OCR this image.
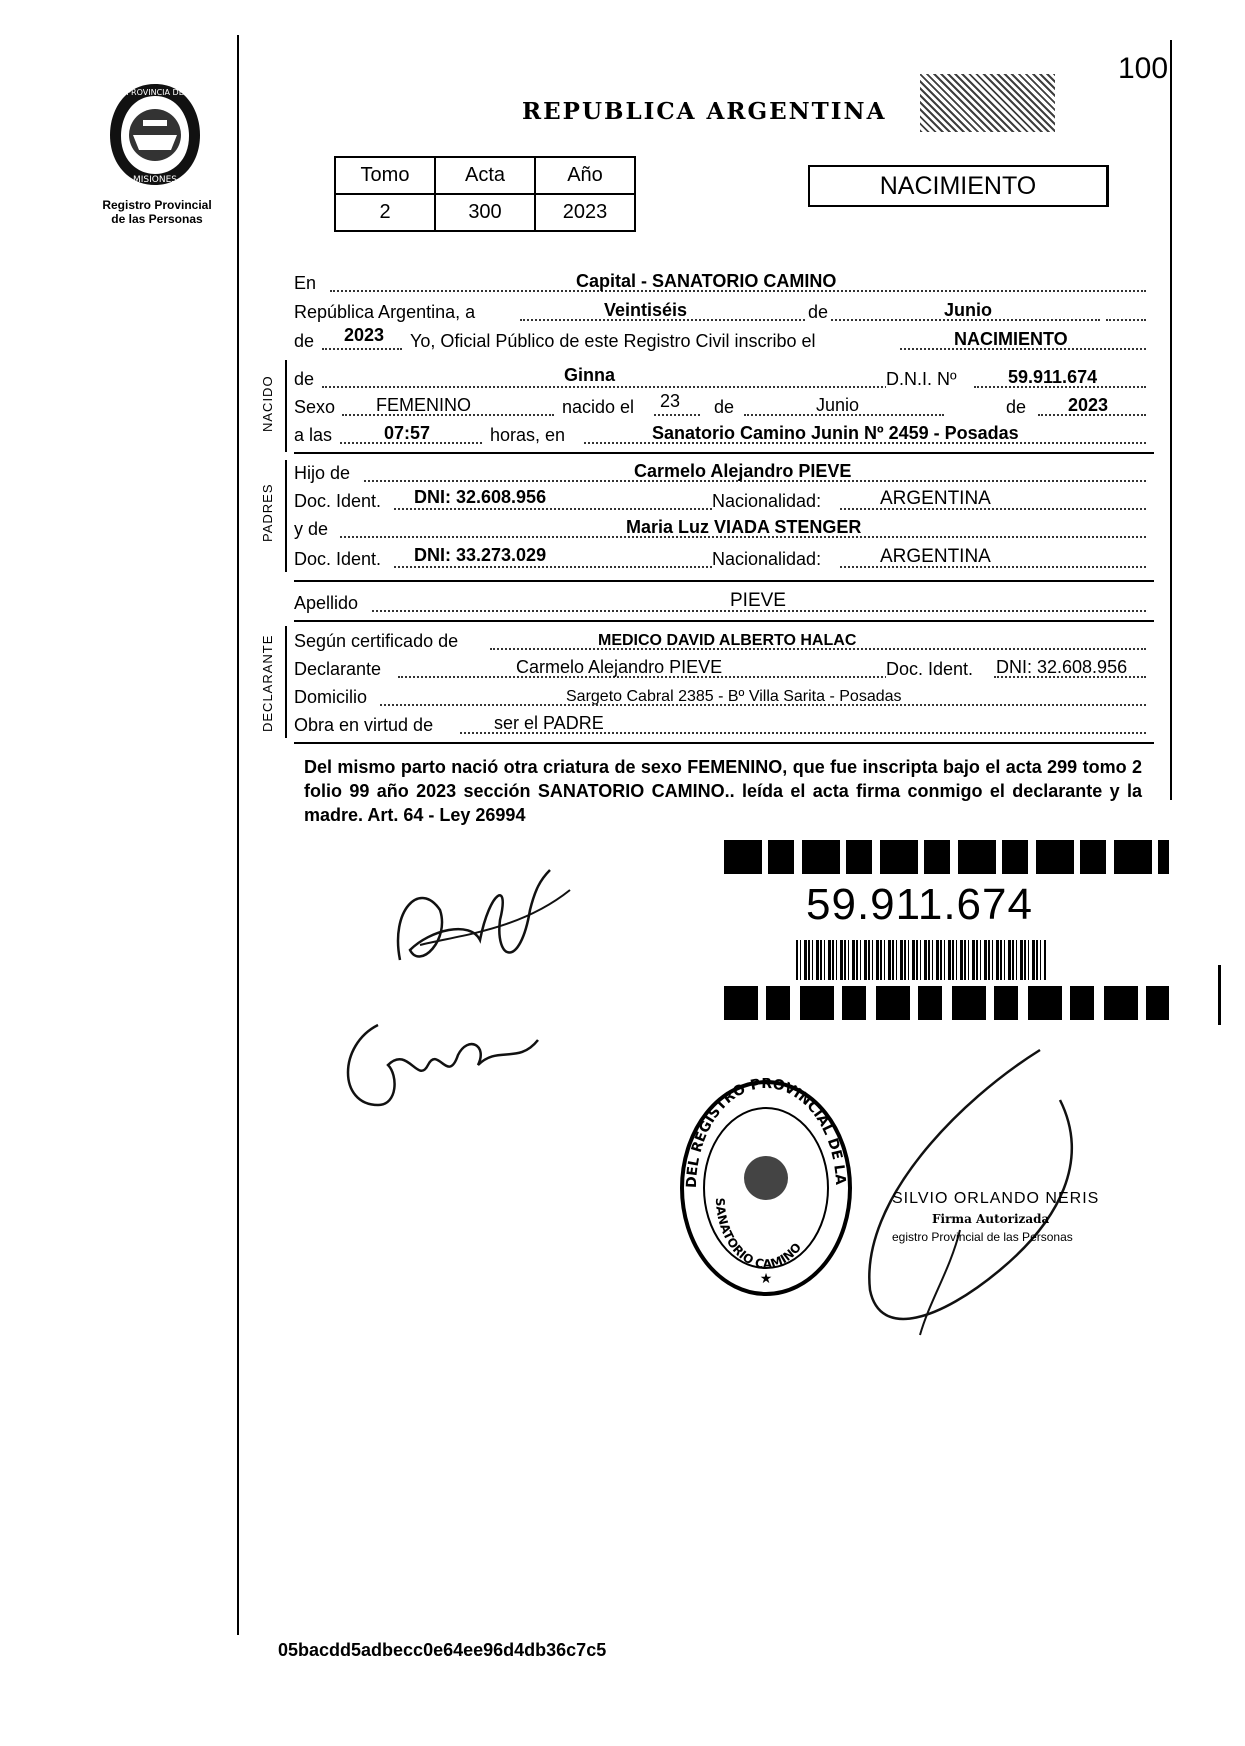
100
PROVINCIA DE
MISIONES
Registro Provincial
de las Personas
REPUBLICA ARGENTINA
Tomo	Acta	Año
2	300	2023
NACIMIENTO
En	Capital - SANATORIO CAMINO
República Argentina, a	Veintiséis	de	Junio
de 2023 Yo, Oficial Público de este Registro Civil inscribo el	NACIMIENTO
NACIDO de	Ginna	D.N.I. Nº	59.911.674
Sexo FEMENINO	nacido el 23 de	Junio	de 2023
a las	07:57	horas, en	Sanatorio Camino Junin Nº 2459 - Posadas
PADRES
Hijo de	Carmelo Alejandro PIEVE
Doc. Ident. DNI: 32.608.956	Nacionalidad:	ARGENTINA
y de	Maria Luz VIADA STENGER
Doc. Ident. DNI: 33.273.029	Nacionalidad:	ARGENTINA
Apellido	PIEVE
DECLARANTE Según certificado de	MEDICO DAVID ALBERTO HALAC
Declarante	Carmelo Alejandro PIEVE	Doc. Ident. DNI: 32.608.956
Domicilio	Sargeto Cabral 2385 - Bº Villa Sarita - Posadas
Obra en virtud de	ser el PADRE
Del mismo parto nació otra criatura de sexo FEMENINO, que fue inscripta bajo el acta 299 tomo 2 folio 99 año 2023 sección SANATORIO CAMINO.. leída el acta firma conmigo el declarante y la madre. Art. 64 - Ley 26994
59.911.674
DEL REGISTRO PROVINCIAL DE LA
SANATORIO CAMINO
★
SILVIO ORLANDO NERIS
Firma Autorizada
egistro Provincial de las Personas
05bacdd5adbecc0e64ee96d4db36c7c5
